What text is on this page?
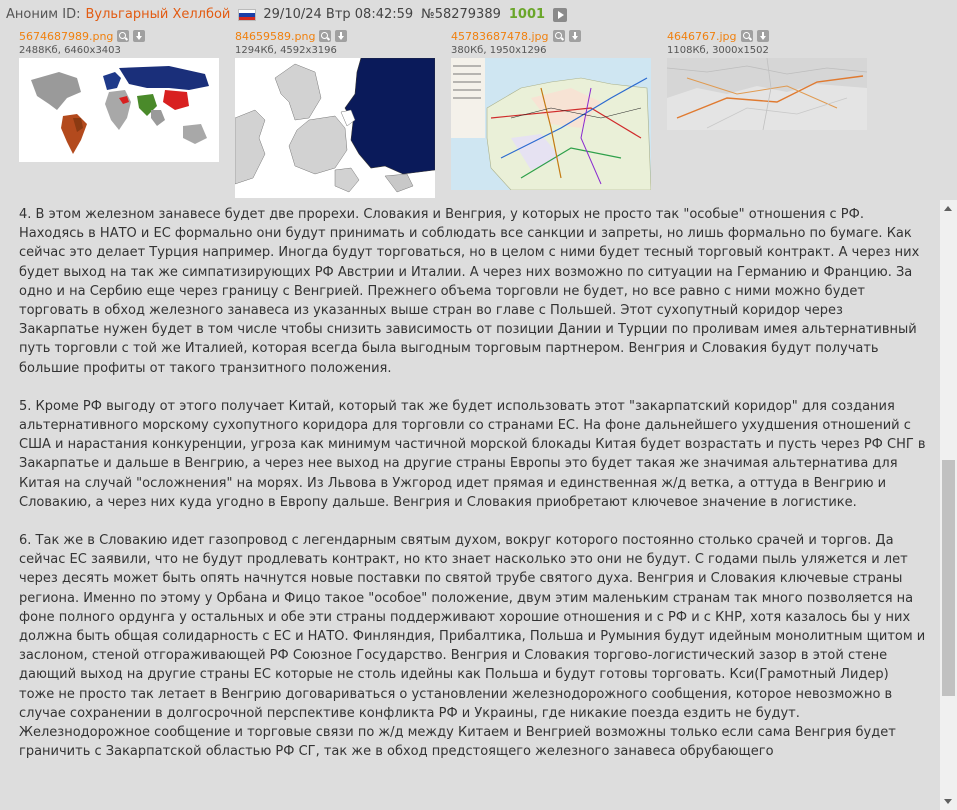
Аноним ID: Вульгарный Хеллбой	29/10/24 Втр 08:42:59 №58279389 1001
5674687989.png
2488Кб, 6460x3403
84659589.png
1294Кб, 4592x3196
45783687478.jpg
380Кб, 1950x1296
4646767.jpg
1108Кб, 3000x1502

4. В этом железном занавесе будет две прорехи. Словакия и Венгрия, у которых не просто так "особые" отношения с РФ. Находясь в НАТО и ЕС формально они будут принимать и соблюдать все санкции и запреты, но лишь формально по бумаге. Как сейчас это делает Турция например. Иногда будут торговаться, но в целом с ними будет тесный торговый контракт. А через них будет выход на так же симпатизирующих РФ Австрии и Италии. А через них возможно по ситуации на Германию и Францию. За одно и на Сербию еще через границу с Венгрией. Прежнего объема торговли не будет, но все равно с ними можно будет торговать в обход железного занавеса из указанных выше стран во главе с Польшей. Этот сухопутный коридор через Закарпатье нужен будет в том числе чтобы снизить зависимость от позиции Дании и Турции по проливам имея альтернативный путь торговли с той же Италией, которая всегда была выгодным торговым партнером. Венгрия и Словакия будут получать большие профиты от такого транзитного положения.

5. Кроме РФ выгоду от этого получает Китай, который так же будет использовать этот "закарпатский коридор" для создания альтернативного морскому сухопутного коридора для торговли со странами ЕС. На фоне дальнейшего ухудшения отношений с США и нарастания конкуренции, угроза как минимум частичной морской блокады Китая будет возрастать и пусть через РФ СНГ в Закарпатье и дальше в Венгрию, а через нее выход на другие страны Европы это будет такая же значимая альтернатива для Китая на случай "осложнения" на морях. Из Львова в Ужгород идет прямая и единственная ж/д ветка, а оттуда в Венгрию и Словакию, а через них куда угодно в Европу дальше. Венгрия и Словакия приобретают ключевое значение в логистике.

6. Так же в Словакию идет газопровод с легендарным святым духом, вокруг которого постоянно столько срачей и торгов. Да сейчас ЕС заявили, что не будут продлевать контракт, но кто знает насколько это они не будут. С годами пыль уляжется и лет через десять может быть опять начнутся новые поставки по святой трубе святого духа. Венгрия и Словакия ключевые страны региона. Именно по этому у Орбана и Фицо такое "особое" положение, двум этим маленьким странам так много позволяется на фоне полного ордунга у остальных и обе эти страны поддерживают хорошие отношения и с РФ и с КНР, хотя казалось бы у них должна быть общая солидарность с ЕС и НАТО. Финляндия, Прибалтика, Польша и Румыния будут идейным монолитным щитом и заслоном, стеной отгораживающей РФ Союзное Государство. Венгрия и Словакия торгово-логистический зазор в этой стене дающий выход на другие страны ЕС которые не столь идейны как Польша и будут готовы торговать. Кси(Грамотный Лидер) тоже не просто так летает в Венгрию договариваться о установлении железнодорожного сообщения, которое невозможно в случае сохранении в долгосрочной перспективе конфликта РФ и Украины, где никакие поезда ездить не будут. Железнодорожное сообщение и торговые связи по ж/д между Китаем и Венгрией возможны только если сама Венгрия будет граничить с Закарпатской областью РФ СГ, так же в обход предстоящего железного занавеса обрубающего
